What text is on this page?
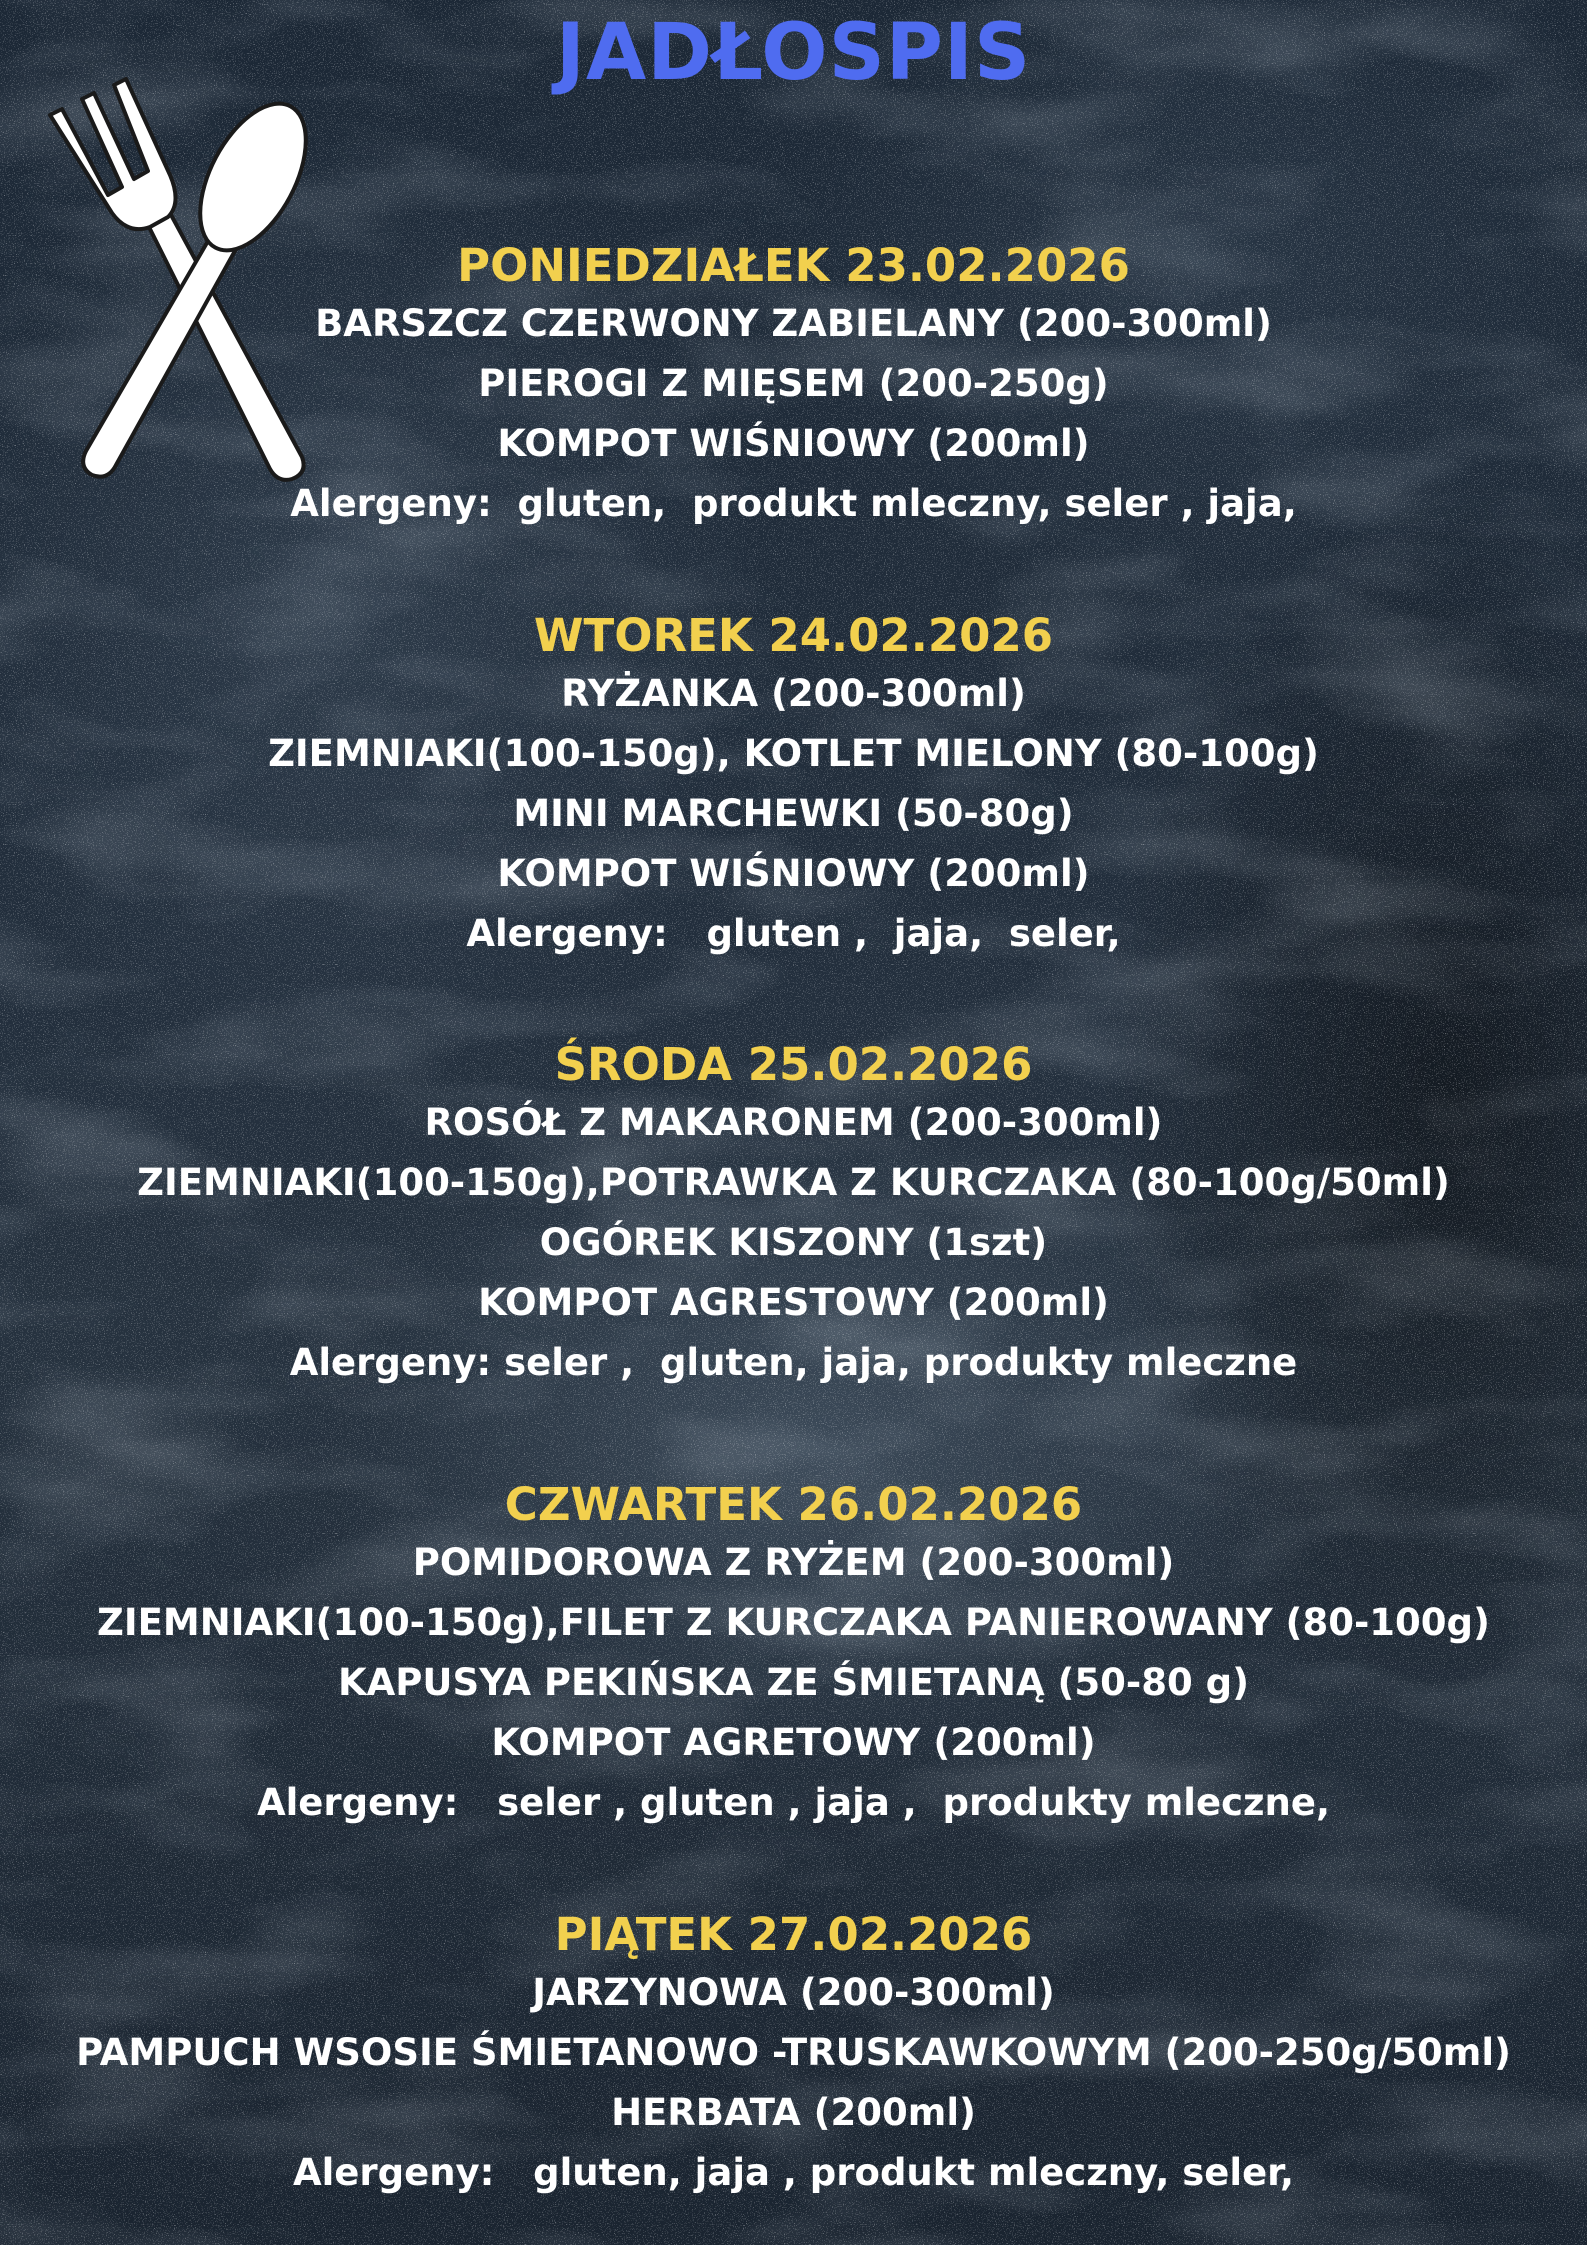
JADŁOSPIS

PONIEDZIAŁEK 23.02.2026

BARSZCZ CZERWONY ZABIELANY (200-300ml)

PIEROGI Z MIĘSEM (200-250g)

KOMPOT WIŚNIOWY (200ml)

Alergeny:  gluten,  produkt mleczny, seler , jaja,

WTOREK 24.02.2026

RYŻANKA (200-300ml)

ZIEMNIAKI(100-150g), KOTLET MIELONY (80-100g)

MINI MARCHEWKI (50-80g)

KOMPOT WIŚNIOWY (200ml)

Alergeny:   gluten ,  jaja,  seler,

ŚRODA 25.02.2026

ROSÓŁ Z MAKARONEM (200-300ml)

ZIEMNIAKI(100-150g),POTRAWKA Z KURCZAKA (80-100g/50ml)

OGÓREK KISZONY (1szt)

KOMPOT AGRESTOWY (200ml)

Alergeny: seler ,  gluten, jaja, produkty mleczne

CZWARTEK 26.02.2026

POMIDOROWA Z RYŻEM (200-300ml)

ZIEMNIAKI(100-150g),FILET Z KURCZAKA PANIEROWANY (80-100g)

KAPUSYA PEKIŃSKA ZE ŚMIETANĄ (50-80 g)

KOMPOT AGRETOWY (200ml)

Alergeny:   seler , gluten , jaja ,  produkty mleczne,

PIĄTEK 27.02.2026

JARZYNOWA (200-300ml)

PAMPUCH WSOSIE ŚMIETANOWO -TRUSKAWKOWYM (200-250g/50ml)

HERBATA (200ml)

Alergeny:   gluten, jaja , produkt mleczny, seler,
